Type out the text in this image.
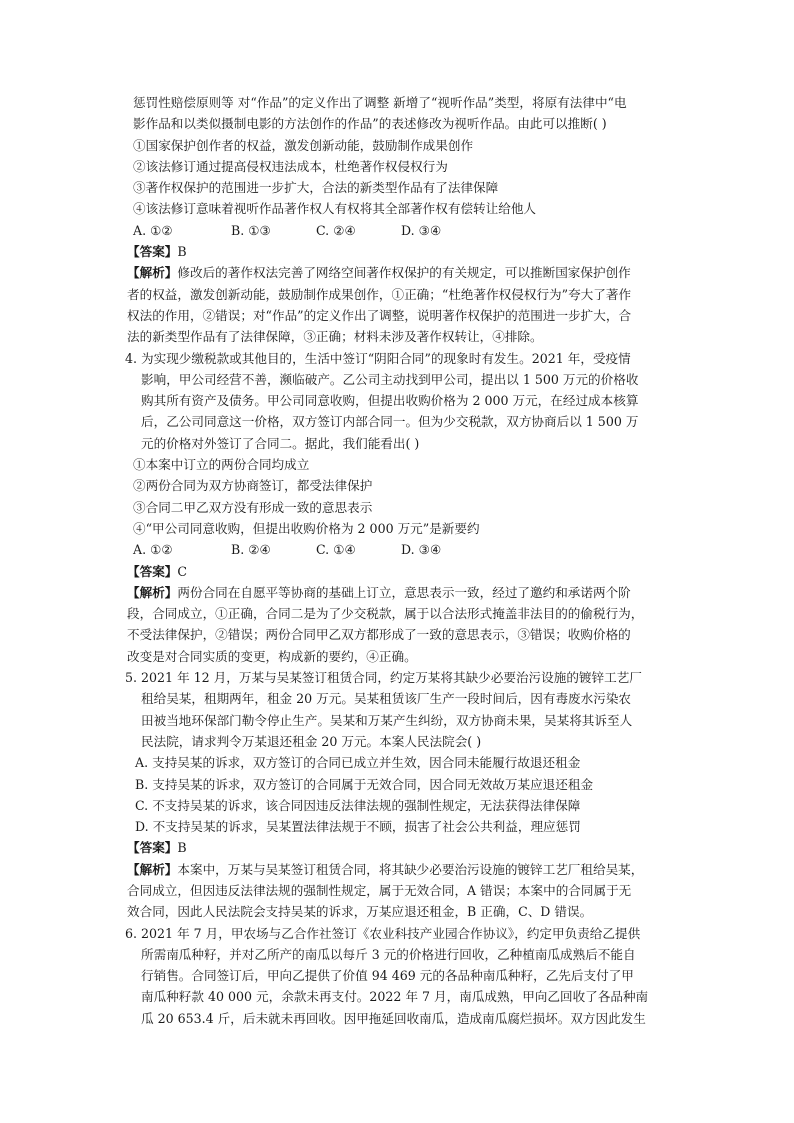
惩罚性赔偿原则等 对“作品”的定义作出了调整 新增了“视听作品”类型，将原有法律中“电
影作品和以类似摄制电影的方法创作的作品”的表述修改为视听作品。由此可以推断( )
①国家保护创作者的权益，激发创新动能，鼓励制作成果创作
②该法修订通过提高侵权违法成本，杜绝著作权侵权行为
③著作权保护的范围进一步扩大，合法的新类型作品有了法律保障
④该法修订意味着视听作品著作权人有权将其全部著作权有偿转让给他人
A. ①②	B. ①③	C. ②④	D. ③④
【答案】B
【解析】修改后的著作权法完善了网络空间著作权保护的有关规定，可以推断国家保护创作
者的权益，激发创新动能，鼓励制作成果创作，①正确；“杜绝著作权侵权行为”夸大了著作
权法的作用，②错误；对“作品”的定义作出了调整，说明著作权保护的范围进一步扩大，合
法的新类型作品有了法律保障，③正确；材料未涉及著作权转让，④排除。
4. 为实现少缴税款或其他目的，生活中签订“阴阳合同”的现象时有发生。2021 年，受疫情
影响，甲公司经营不善，濒临破产。乙公司主动找到甲公司，提出以 1 500 万元的价格收
购其所有资产及债务。甲公司同意收购，但提出收购价格为 2 000 万元，在经过成本核算
后，乙公司同意这一价格，双方签订内部合同一。但为少交税款，双方协商后以 1 500 万
元的价格对外签订了合同二。据此，我们能看出( )
①本案中订立的两份合同均成立
②两份合同为双方协商签订，都受法律保护
③合同二甲乙双方没有形成一致的意思表示
④“甲公司同意收购，但提出收购价格为 2 000 万元”是新要约
A. ①②	B. ②④	C. ①④	D. ③④
【答案】C
【解析】两份合同在自愿平等协商的基础上订立，意思表示一致，经过了邀约和承诺两个阶
段，合同成立，①正确，合同二是为了少交税款，属于以合法形式掩盖非法目的的偷税行为，
不受法律保护，②错误；两份合同甲乙双方都形成了一致的意思表示，③错误；收购价格的
改变是对合同实质的变更，构成新的要约，④正确。
5. 2021 年 12 月，万某与吴某签订租赁合同，约定万某将其缺少必要治污设施的镀锌工艺厂
租给吴某，租期两年，租金 20 万元。吴某租赁该厂生产一段时间后，因有毒废水污染农
田被当地环保部门勒令停止生产。吴某和万某产生纠纷，双方协商未果，吴某将其诉至人
民法院，请求判令万某退还租金 20 万元。本案人民法院会( )
A. 支持吴某的诉求，双方签订的合同已成立并生效，因合同未能履行故退还租金
B. 支持吴某的诉求，双方签订的合同属于无效合同，因合同无效故万某应退还租金
C. 不支持吴某的诉求，该合同因违反法律法规的强制性规定，无法获得法律保障
D. 不支持吴某的诉求，吴某置法律法规于不顾，损害了社会公共利益，理应惩罚
【答案】B
【解析】本案中，万某与吴某签订租赁合同，将其缺少必要治污设施的镀锌工艺厂租给吴某，
合同成立，但因违反法律法规的强制性规定，属于无效合同，A 错误；本案中的合同属于无
效合同，因此人民法院会支持吴某的诉求，万某应退还租金，B 正确，C、D 错误。
6. 2021 年 7 月，甲农场与乙合作社签订《农业科技产业园合作协议》，约定甲负责给乙提供
所需南瓜种籽，并对乙所产的南瓜以每斤 3 元的价格进行回收，乙种植南瓜成熟后不能自
行销售。合同签订后，甲向乙提供了价值 94 469 元的各品种南瓜种籽，乙先后支付了甲
南瓜种籽款 40 000 元，余款未再支付。2022 年 7 月，南瓜成熟，甲向乙回收了各品种南
瓜 20 653.4 斤，后未就未再回收。因甲拖延回收南瓜，造成南瓜腐烂损坏。双方因此发生
